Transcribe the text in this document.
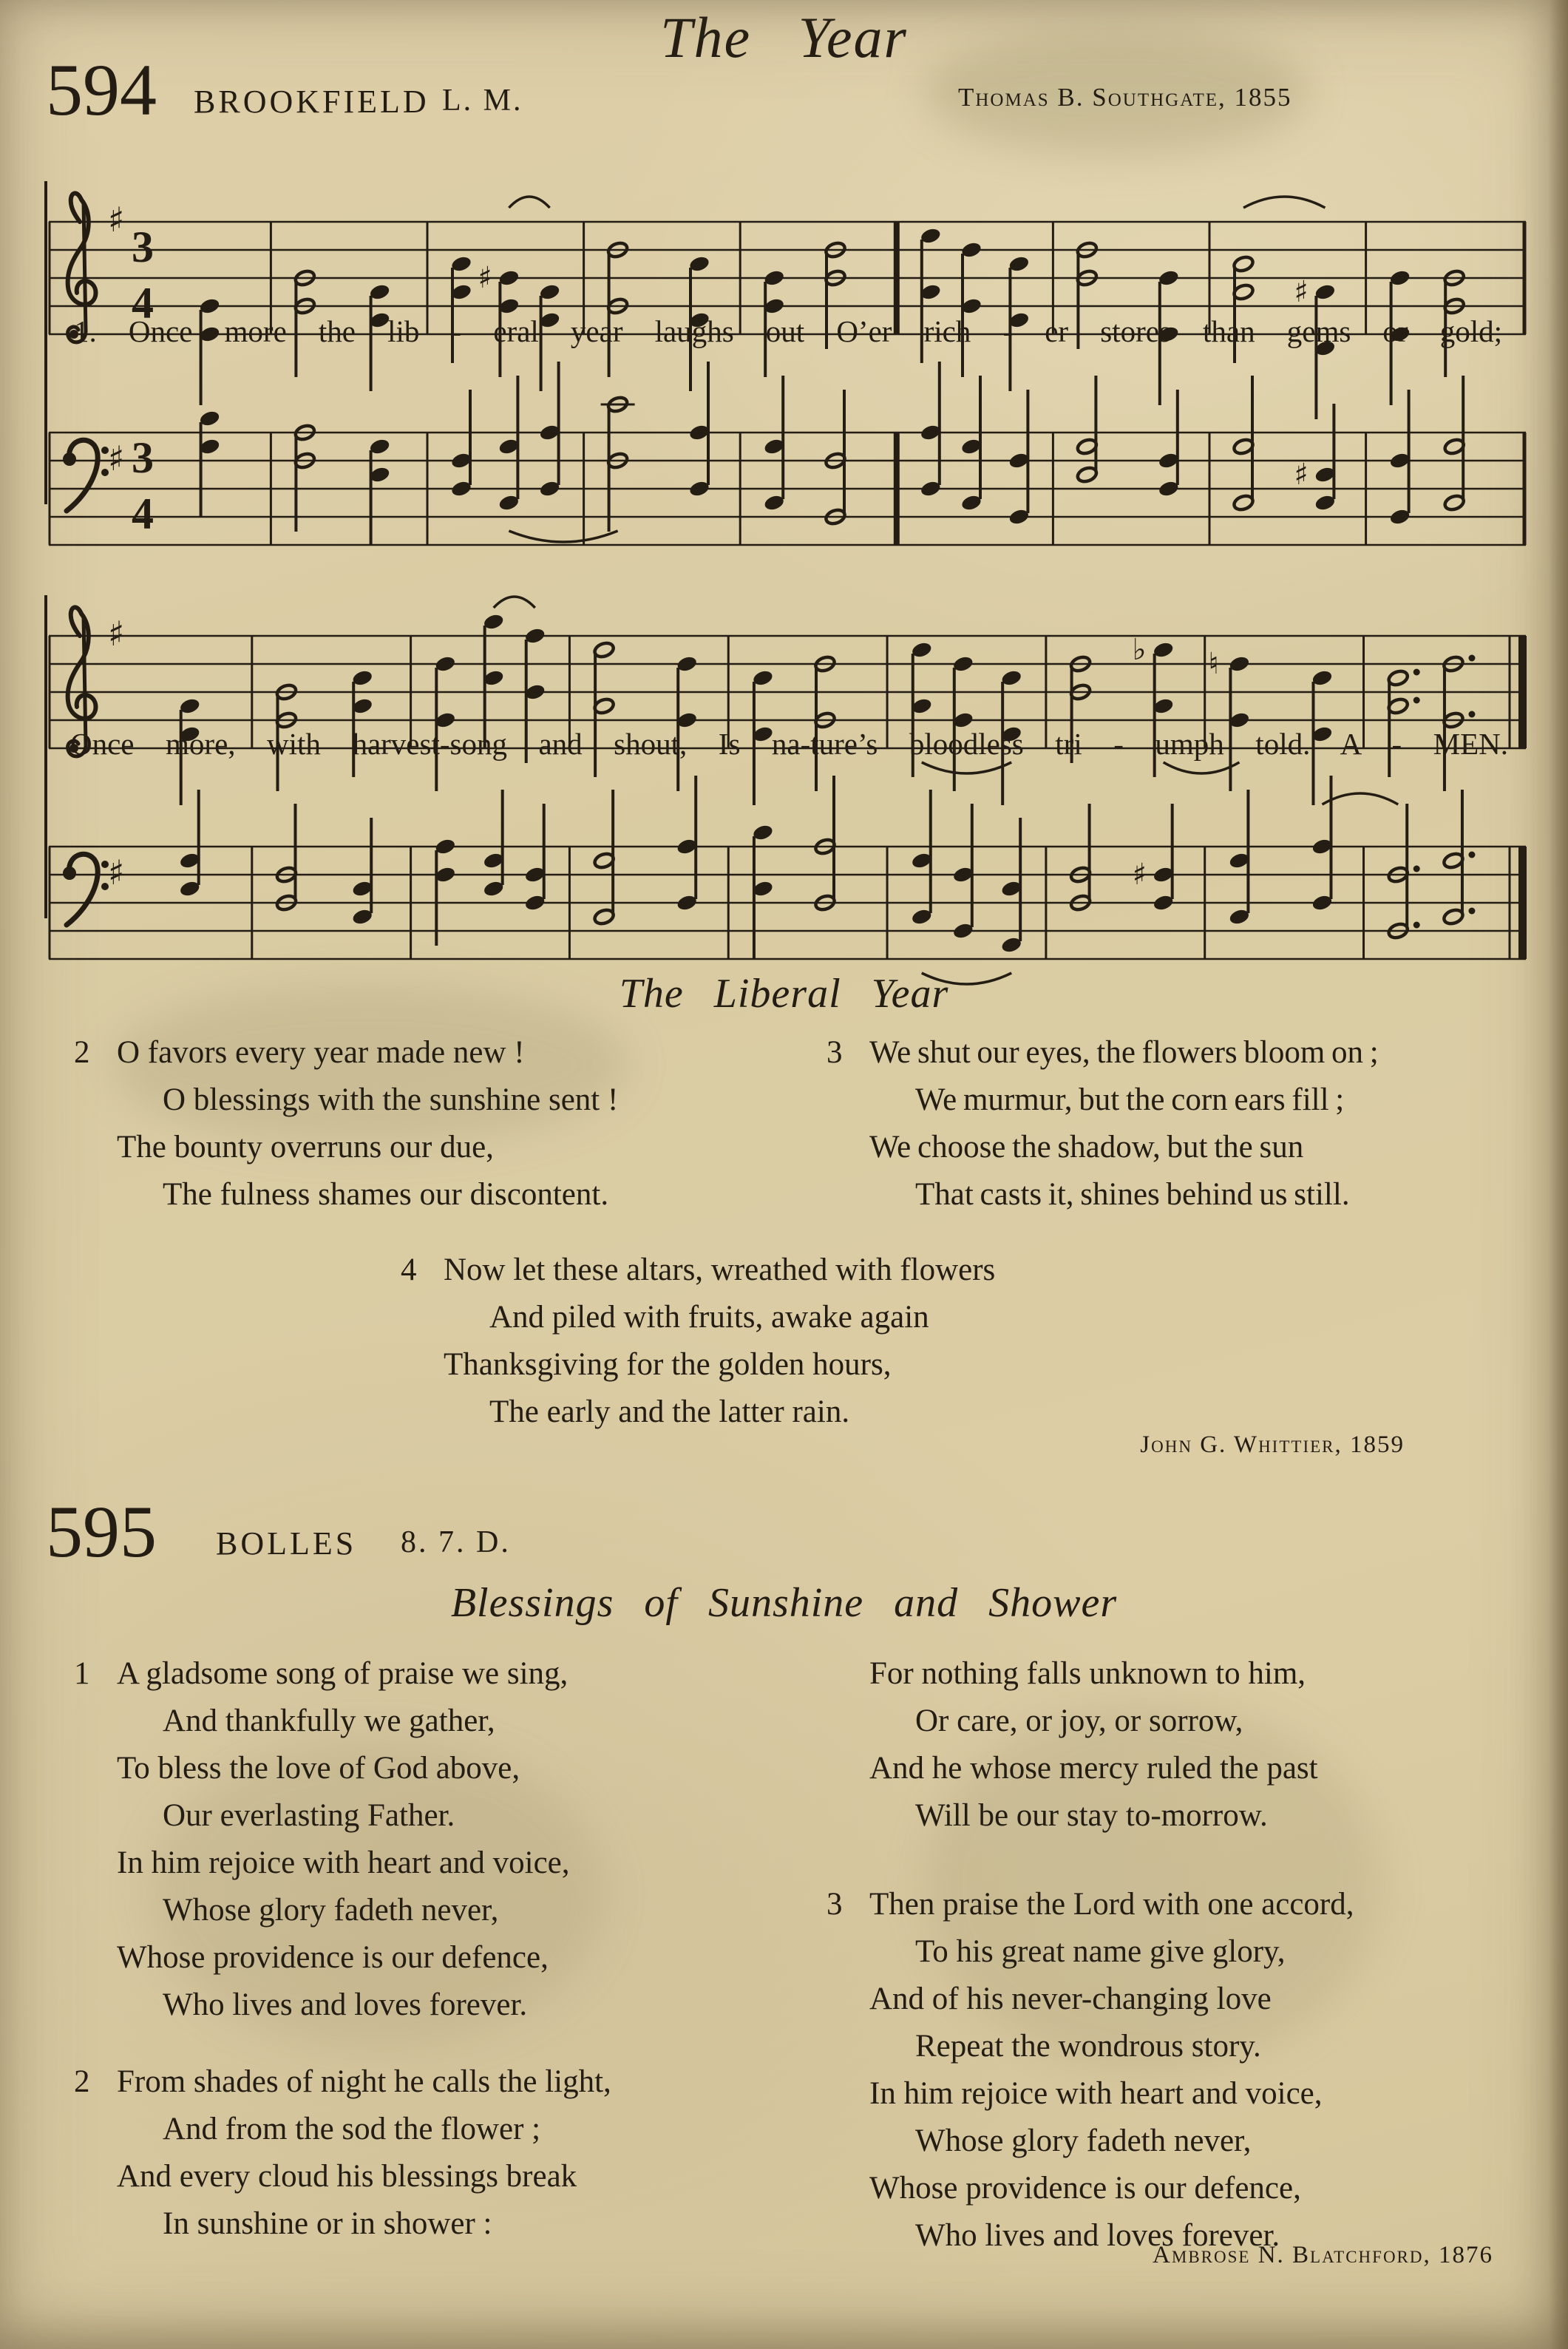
The Year
594 BROOKFIELD L. M.	Thomas B. Southgate, 1855
♯
3
4
♯	♯
1. Once more the lib - eral year laughs out O’er rich - er stores than gems or gold;
♯ 3
4
♯
♯	♭ ♮
Once more, with harvest-song and shout, Is na-ture’s bloodless tri - umph told. A - MEN.
♯	♯
The Liberal Year
2 O favors every year made new !
O blessings with the sunshine sent !
The bounty overruns our due,
The fulness shames our discontent.
3 We shut our eyes, the flowers bloom on ;
We murmur, but the corn ears fill ;
We choose the shadow, but the sun
That casts it, shines behind us still.
4 Now let these altars, wreathed with flowers
And piled with fruits, awake again
Thanksgiving for the golden hours,
The early and the latter rain.
John G. Whittier, 1859
595 BOLLES 8. 7. D.
Blessings of Sunshine and Shower
1 A gladsome song of praise we sing,
And thankfully we gather,
To bless the love of God above,
Our everlasting Father.
In him rejoice with heart and voice,
Whose glory fadeth never,
Whose providence is our defence,
Who lives and loves forever.
2 From shades of night he calls the light,
And from the sod the flower ;
And every cloud his blessings break
In sunshine or in shower :
For nothing falls unknown to him,
Or care, or joy, or sorrow,
And he whose mercy ruled the past
Will be our stay to-morrow.
3 Then praise the Lord with one accord,
To his great name give glory,
And of his never-changing love
Repeat the wondrous story.
In him rejoice with heart and voice,
Whose glory fadeth never,
Whose providence is our defence,
Who lives and loves forever.
Ambrose N. Blatchford, 1876
